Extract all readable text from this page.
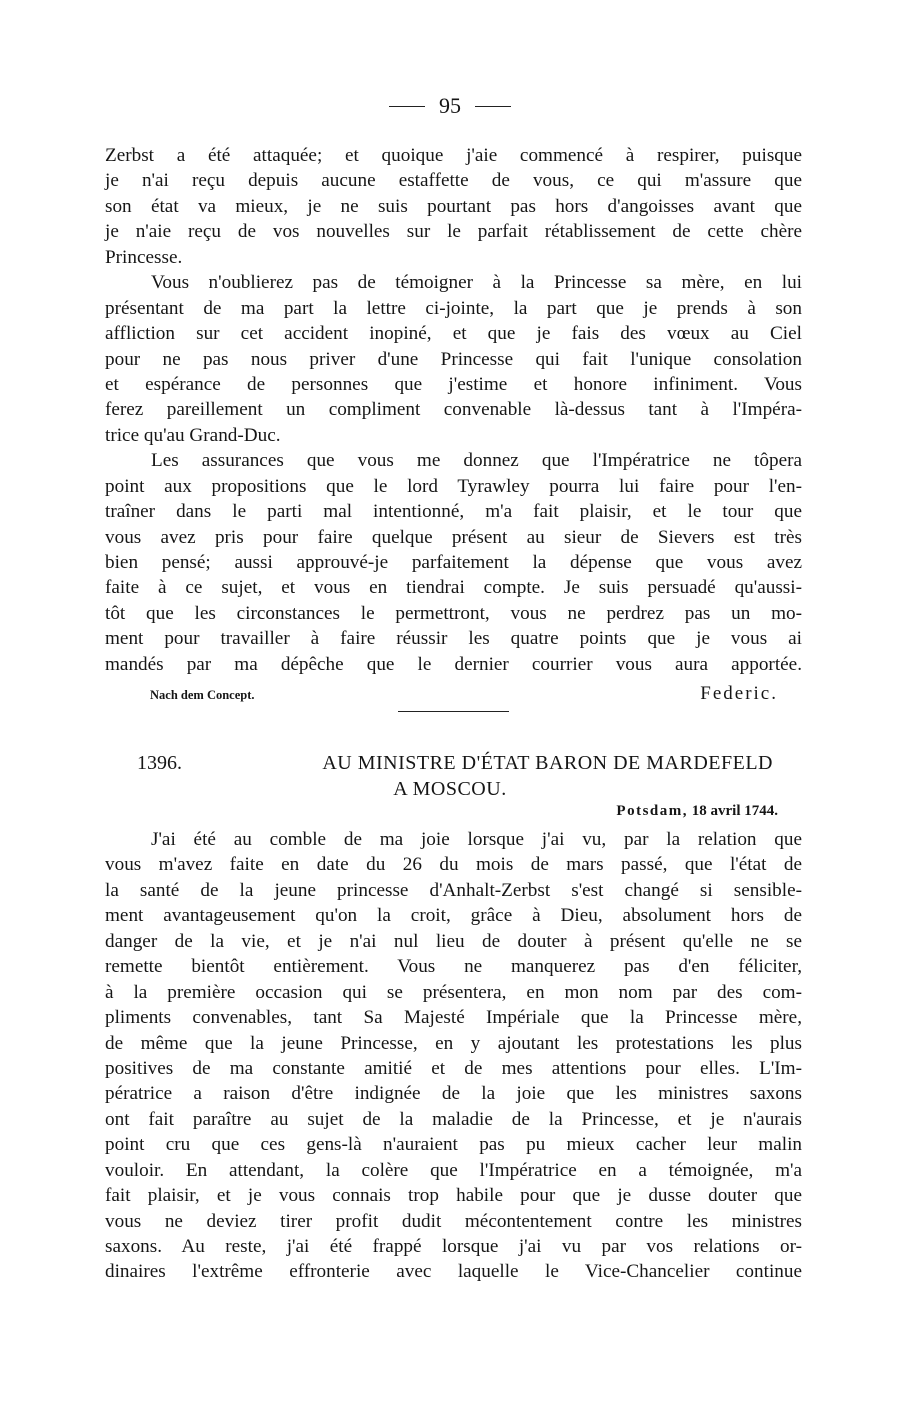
95
Zerbst a été attaquée; et quoique j'aie commencé à respirer, puisque
je n'ai reçu depuis aucune estaffette de vous, ce qui m'assure que
son état va mieux, je ne suis pourtant pas hors d'angoisses avant que
je n'aie reçu de vos nouvelles sur le parfait rétablissement de cette chère
Princesse.
Vous n'oublierez pas de témoigner à la Princesse sa mère, en lui
présentant de ma part la lettre ci-jointe, la part que je prends à son
affliction sur cet accident inopiné, et que je fais des vœux au Ciel
pour ne pas nous priver d'une Princesse qui fait l'unique consolation
et espérance de personnes que j'estime et honore infiniment. Vous
ferez pareillement un compliment convenable là-dessus tant à l'Impéra-
trice qu'au Grand-Duc.
Les assurances que vous me donnez que l'Impératrice ne tôpera
point aux propositions que le lord Tyrawley pourra lui faire pour l'en-
traîner dans le parti mal intentionné, m'a fait plaisir, et le tour que
vous avez pris pour faire quelque présent au sieur de Sievers est très
bien pensé; aussi approuvé-je parfaitement la dépense que vous avez
faite à ce sujet, et vous en tiendrai compte. Je suis persuadé qu'aussi-
tôt que les circonstances le permettront, vous ne perdrez pas un mo-
ment pour travailler à faire réussir les quatre points que je vous ai
mandés par ma dépêche que le dernier courrier vous aura apportée.
Nach dem Concept.	Federic.
1396.	AU MINISTRE D'ÉTAT BARON DE MARDEFELD
A MOSCOU.
Potsdam, 18 avril 1744.
J'ai été au comble de ma joie lorsque j'ai vu, par la relation que
vous m'avez faite en date du 26 du mois de mars passé, que l'état de
la santé de la jeune princesse d'Anhalt-Zerbst s'est changé si sensible-
ment avantageusement qu'on la croit, grâce à Dieu, absolument hors de
danger de la vie, et je n'ai nul lieu de douter à présent qu'elle ne se
remette bientôt entièrement. Vous ne manquerez pas d'en féliciter,
à la première occasion qui se présentera, en mon nom par des com-
pliments convenables, tant Sa Majesté Impériale que la Princesse mère,
de même que la jeune Princesse, en y ajoutant les protestations les plus
positives de ma constante amitié et de mes attentions pour elles. L'Im-
pératrice a raison d'être indignée de la joie que les ministres saxons
ont fait paraître au sujet de la maladie de la Princesse, et je n'aurais
point cru que ces gens-là n'auraient pas pu mieux cacher leur malin
vouloir. En attendant, la colère que l'Impératrice en a témoignée, m'a
fait plaisir, et je vous connais trop habile pour que je dusse douter que
vous ne deviez tirer profit dudit mécontentement contre les ministres
saxons. Au reste, j'ai été frappé lorsque j'ai vu par vos relations or-
dinaires l'extrême effronterie avec laquelle le Vice-Chancelier continue
